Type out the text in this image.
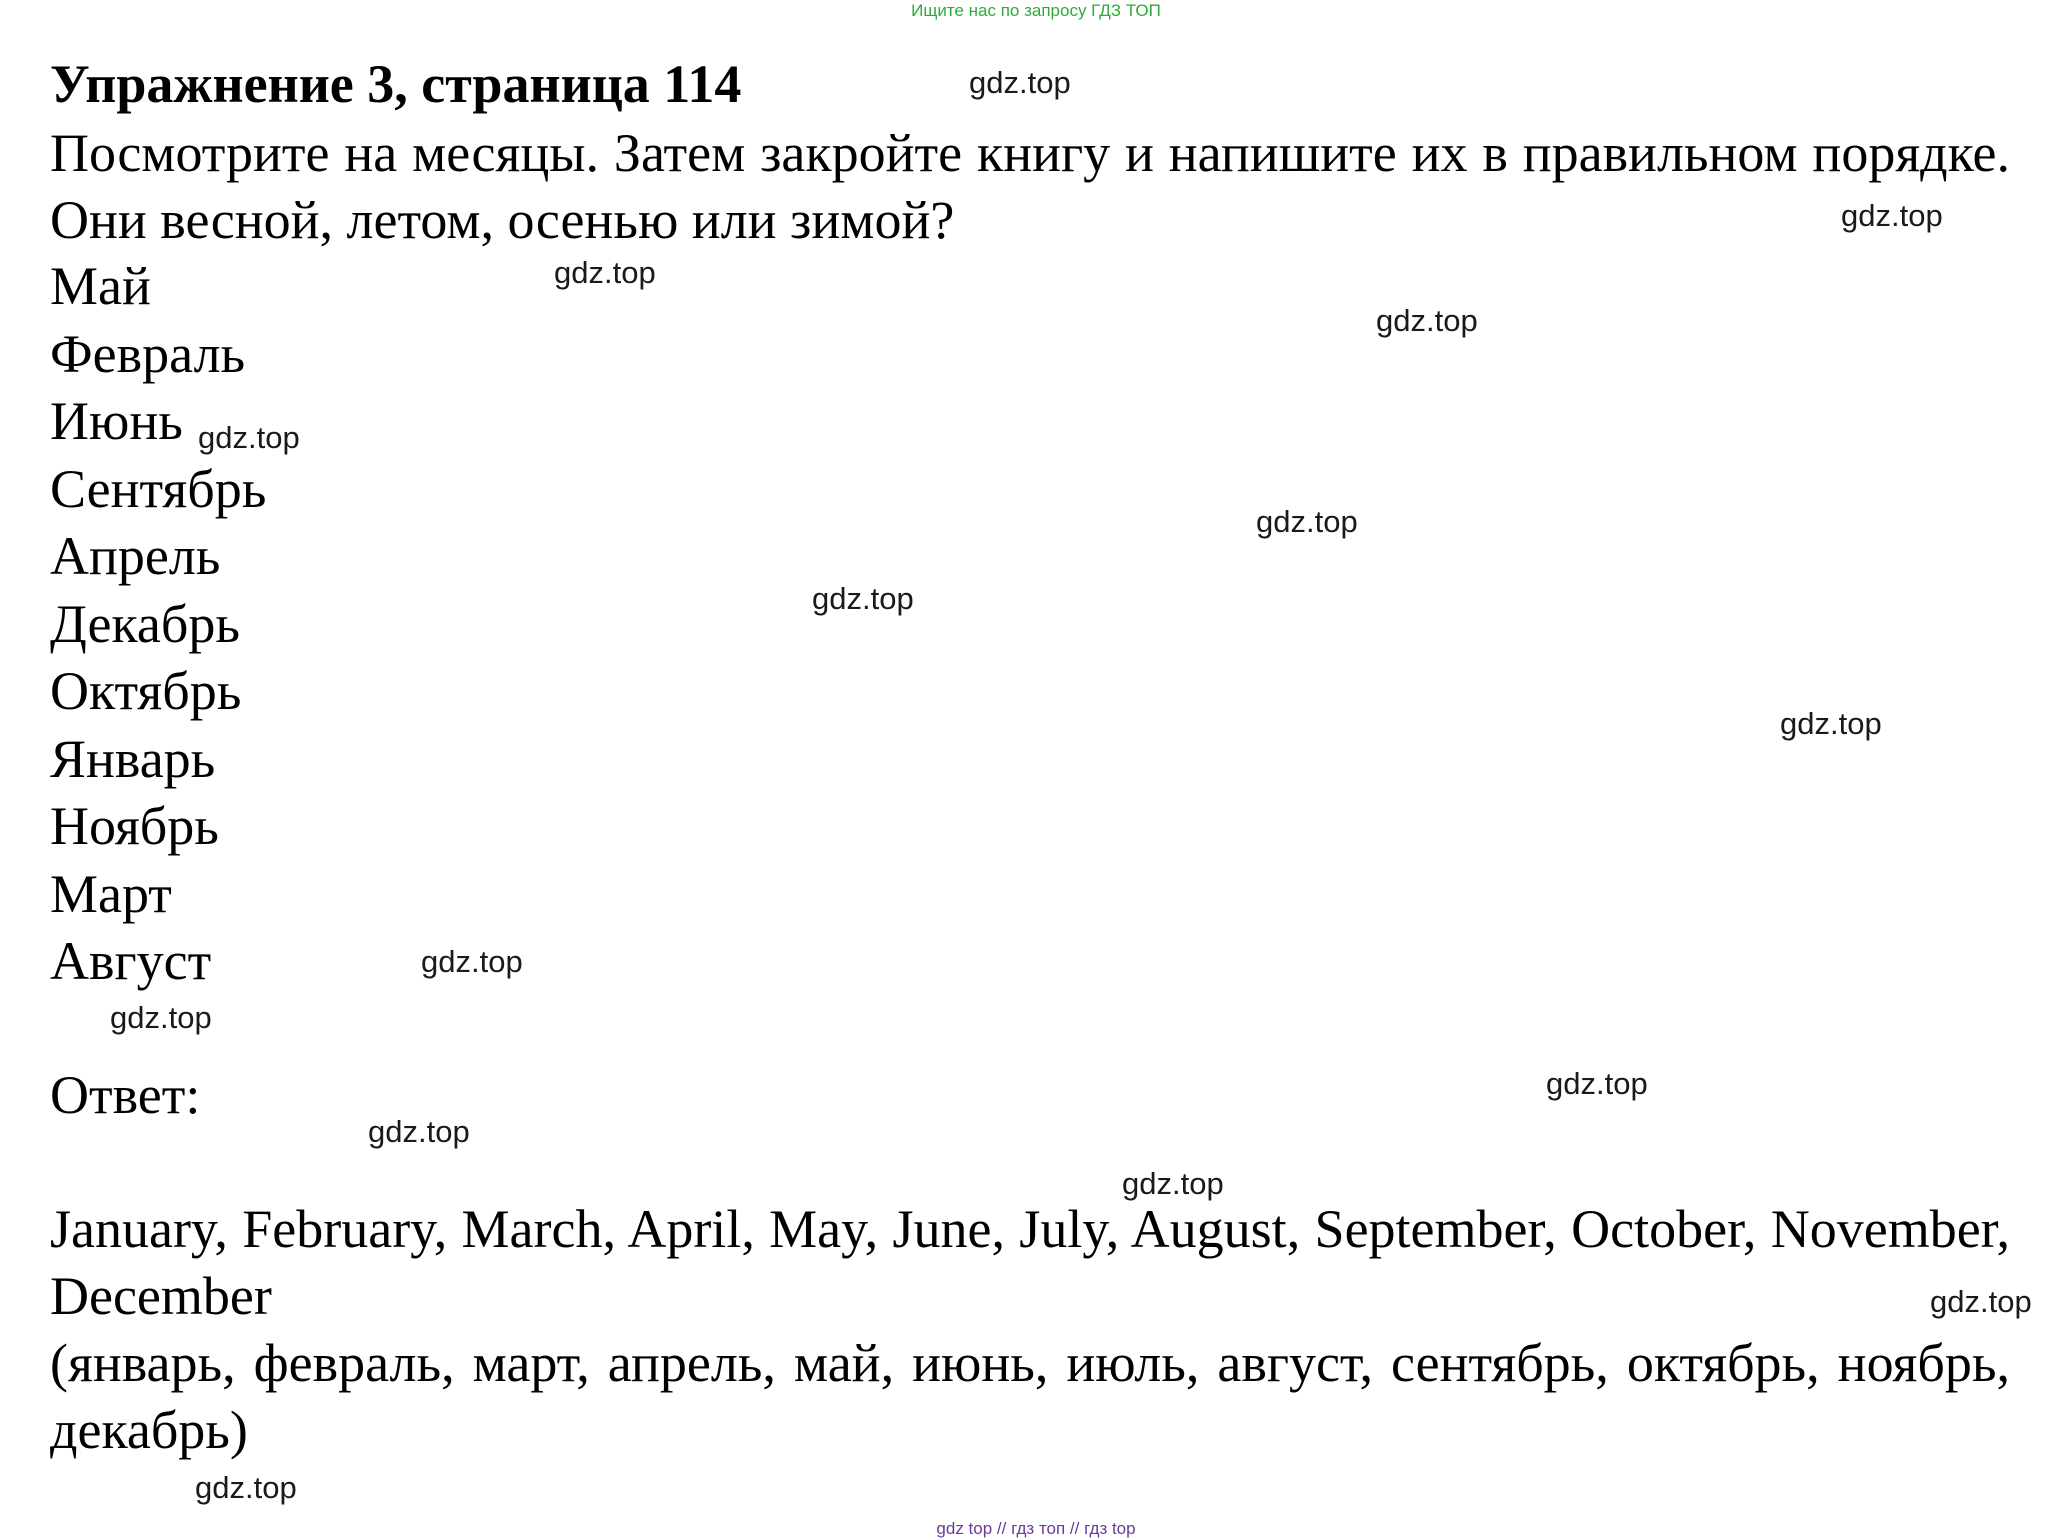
Ищите нас по запросу ГДЗ ТОП
Упражнение 3, страница 114

Посмотрите на месяцы. Затем закройте книгу и напишите их в правильном порядке. Они весной, летом, осенью или зимой?

Май
Февраль
Июнь
Сентябрь
Апрель
Декабрь
Октябрь
Январь
Ноябрь
Март
Август

Ответ:

January, February, March, April, May, June, July, August, September, October, November, December

(январь, февраль, март, апрель, май, июнь, июль, август, сентябрь, октябрь, ноябрь, декабрь)

gdz.top
gdz.top
gdz.top
gdz.top
gdz.top
gdz.top
gdz.top
gdz.top
gdz.top
gdz.top
gdz.top
gdz.top
gdz.top
gdz.top
gdz.top
gdz top // гдз топ // гдз top
